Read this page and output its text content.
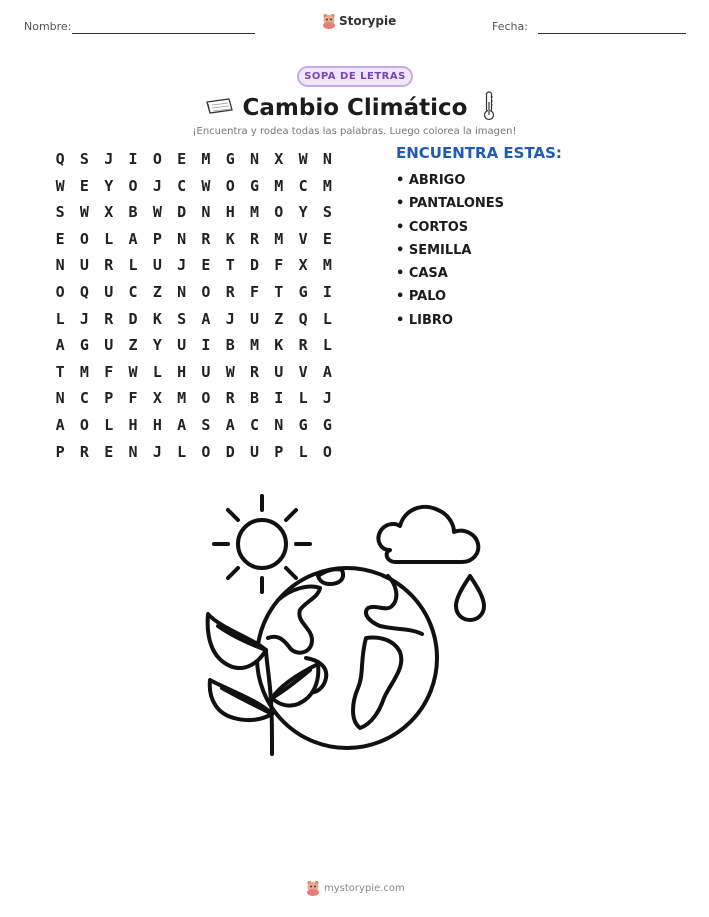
Nombre:	Storypie	Fecha:
SOPA DE LETRAS
Cambio Climático
¡Encuentra y rodea todas las palabras. Luego colorea la imagen!
Q	S	J	I	O	E	M	G	N	X	W	N
W	E	Y	O	J	C	W	O	G	M	C	M
S	W	X	B	W	D	N	H	M	O	Y	S
E	O	L	A	P	N	R	K	R	M	V	E
N	U	R	L	U	J	E	T	D	F	X	M
O	Q	U	C	Z	N	O	R	F	T	G	I
L	J	R	D	K	S	A	J	U	Z	Q	L
A	G	U	Z	Y	U	I	B	M	K	R	L
T	M	F	W	L	H	U	W	R	U	V	A
N	C	P	F	X	M	O	R	B	I	L	J
A	O	L	H	H	A	S	A	C	N	G	G
P	R	E	N	J	L	O	D	U	P	L	O
ENCUENTRA ESTAS:
• ABRIGO
• PANTALONES
• CORTOS
• SEMILLA
• CASA
• PALO
• LIBRO
mystorypie.com
